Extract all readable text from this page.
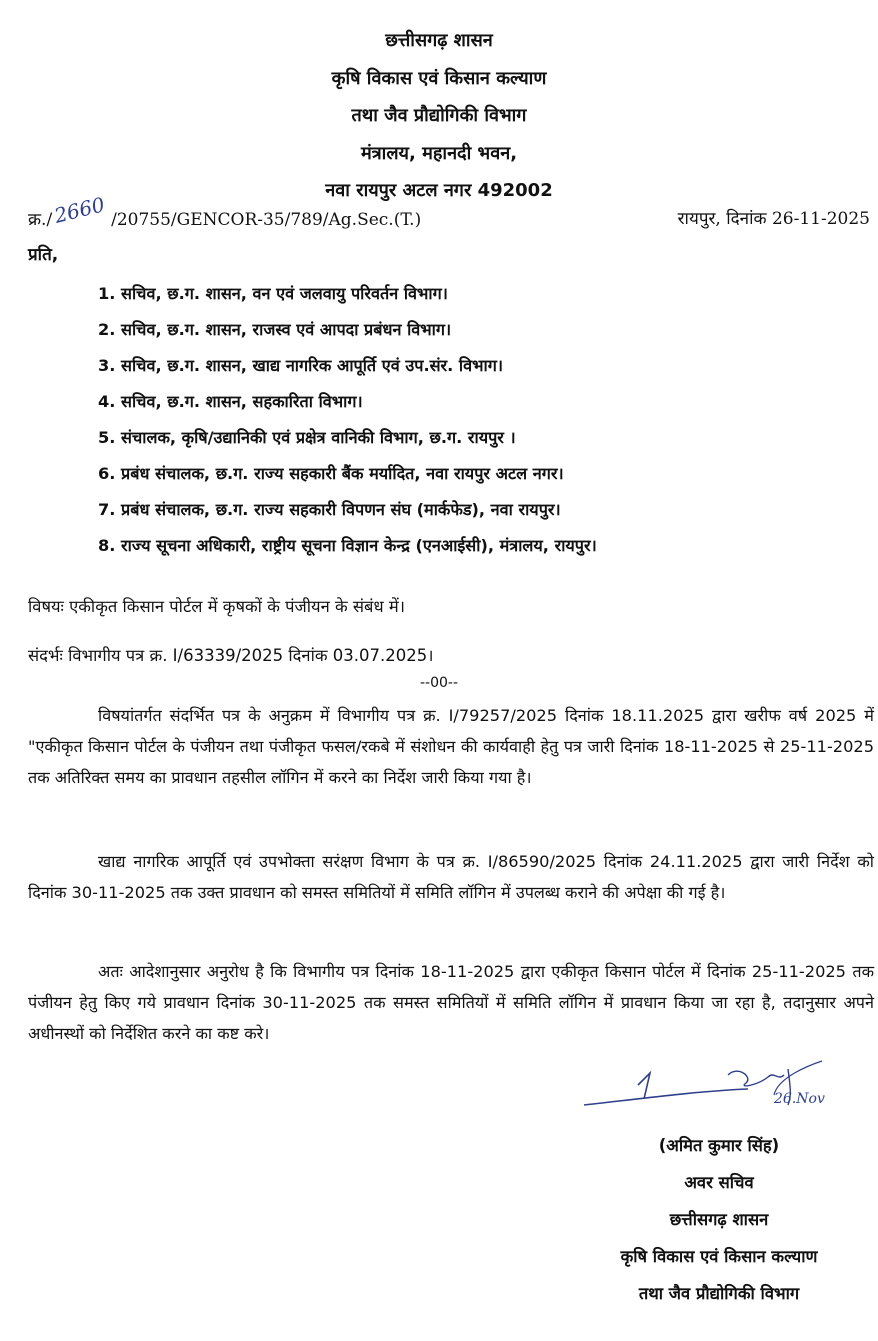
छत्तीसगढ़ शासन
कृषि विकास एवं किसान कल्याण
तथा जैव प्रौद्योगिकी विभाग
मंत्रालय, महानदी भवन,
नवा रायपुर अटल नगर 492002
क्र./2660 /20755/GENCOR-35/789/Ag.Sec.(T.)	रायपुर, दिनांक 26-11-2025
प्रति,
1. सचिव, छ.ग. शासन, वन एवं जलवायु परिवर्तन विभाग।
2. सचिव, छ.ग. शासन, राजस्व एवं आपदा प्रबंधन विभाग।
3. सचिव, छ.ग. शासन, खाद्य नागरिक आपूर्ति एवं उप.संर. विभाग।
4. सचिव, छ.ग. शासन, सहकारिता विभाग।
5. संचालक, कृषि/उद्यानिकी एवं प्रक्षेत्र वानिकी विभाग, छ.ग. रायपुर ।
6. प्रबंध संचालक, छ.ग. राज्य सहकारी बैंक मर्यादित, नवा रायपुर अटल नगर।
7. प्रबंध संचालक, छ.ग. राज्य सहकारी विपणन संघ (मार्कफेड), नवा रायपुर।
8. राज्य सूचना अधिकारी, राष्ट्रीय सूचना विज्ञान केन्द्र (एनआईसी), मंत्रालय, रायपुर।
विषयः एकीकृत किसान पोर्टल में कृषकों के पंजीयन के संबंध में।
संदर्भः विभागीय पत्र क्र. I/63339/2025 दिनांक 03.07.2025।
--00--
विषयांतर्गत संदर्भित पत्र के अनुक्रम में विभागीय पत्र क्र. I/79257/2025 दिनांक 18.11.2025 द्वारा खरीफ वर्ष 2025 में "एकीकृत किसान पोर्टल के पंजीयन तथा पंजीकृत फसल/रकबे में संशोधन की कार्यवाही हेतु पत्र जारी दिनांक 18-11-2025 से 25-11-2025 तक अतिरिक्त समय का प्रावधान तहसील लॉगिन में करने का निर्देश जारी किया गया है।
खाद्य नागरिक आपूर्ति एवं उपभोक्ता सरंक्षण विभाग के पत्र क्र. I/86590/2025 दिनांक 24.11.2025 द्वारा जारी निर्देश को दिनांक 30-11-2025 तक उक्त प्रावधान को समस्त समितियों में समिति लॉगिन में उपलब्ध कराने की अपेक्षा की गई है।
अतः आदेशानुसार अनुरोध है कि विभागीय पत्र दिनांक 18-11-2025 द्वारा एकीकृत किसान पोर्टल में दिनांक 25-11-2025 तक पंजीयन हेतु किए गये प्रावधान दिनांक 30-11-2025 तक समस्त समितियों में समिति लॉगिन में प्रावधान किया जा रहा है, तदानुसार अपने अधीनस्थों को निर्देशित करने का कष्ट करे।
26.Nov
(अमित कुमार सिंह)
अवर सचिव
छत्तीसगढ़ शासन
कृषि विकास एवं किसान कल्याण
तथा जैव प्रौद्योगिकी विभाग
